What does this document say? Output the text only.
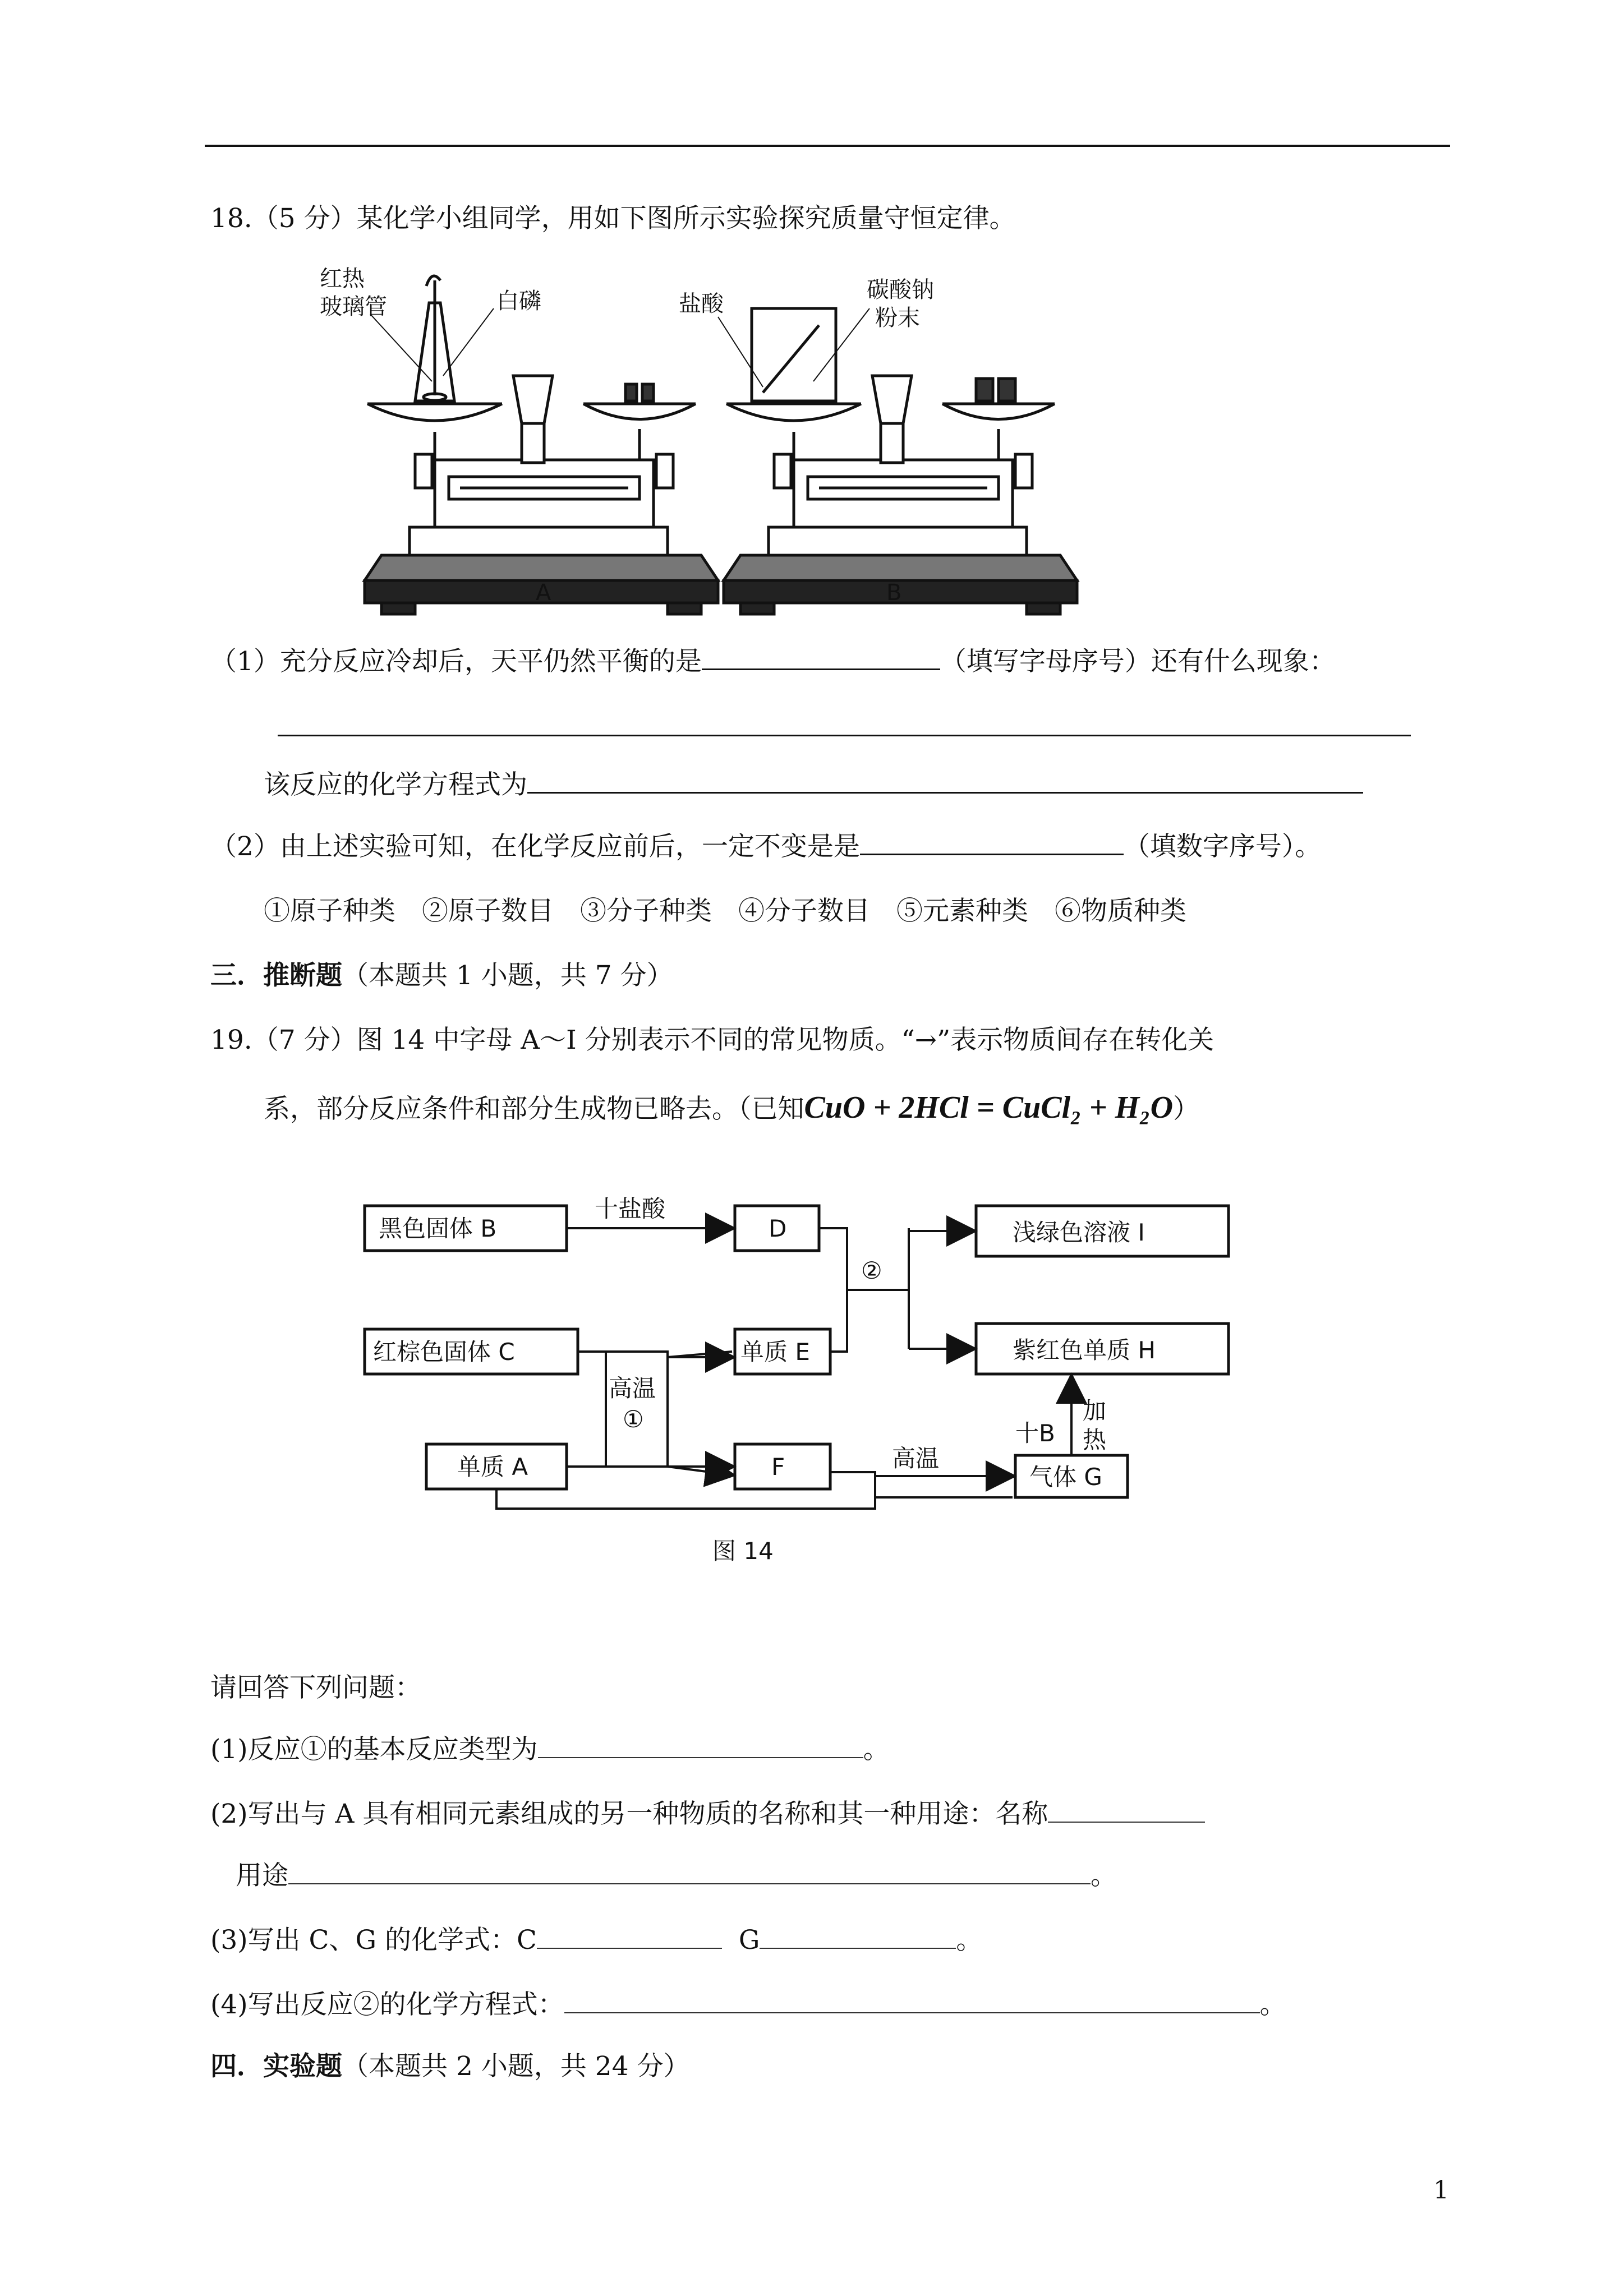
18.（5 分）某化学小组同学，用如下图所示实验探究质量守恒定律。
红热
玻璃管	白磷	盐酸
碳酸钠
粉末
A	B
（1）充分反应冷却后，天平仍然平衡的是	（填写字母序号）还有什么现象：
该反应的化学方程式为
（2）由上述实验可知，在化学反应前后，一定不变是是	（填数字序号）。
①原子种类　②原子数目　③分子种类　④分子数目　⑤元素种类　⑥物质种类
三．推断题（本题共 1 小题，共 7 分）
19.（7 分）图 14 中字母 A～I 分别表示不同的常见物质。“→”表示物质间存在转化关
系，部分反应条件和部分生成物已略去。（已知CuO + 2HCl = CuCl₂ + H₂O）
黑色固体 B
红棕色固体 C
单质 A
D
单质 E
F
浅绿色溶液 I
紫红色单质 H
气体 G
十盐酸
高温
①
②
高温
十B
加
热
图 14
请回答下列问题：
(1)反应①的基本反应类型为	。
(2)写出与 A 具有相同元素组成的另一种物质的名称和其一种用途：名称
用途	。
(3)写出 C、G 的化学式：C	G	。
(4)写出反应②的化学方程式：	。
四．实验题（本题共 2 小题，共 24 分）
1
